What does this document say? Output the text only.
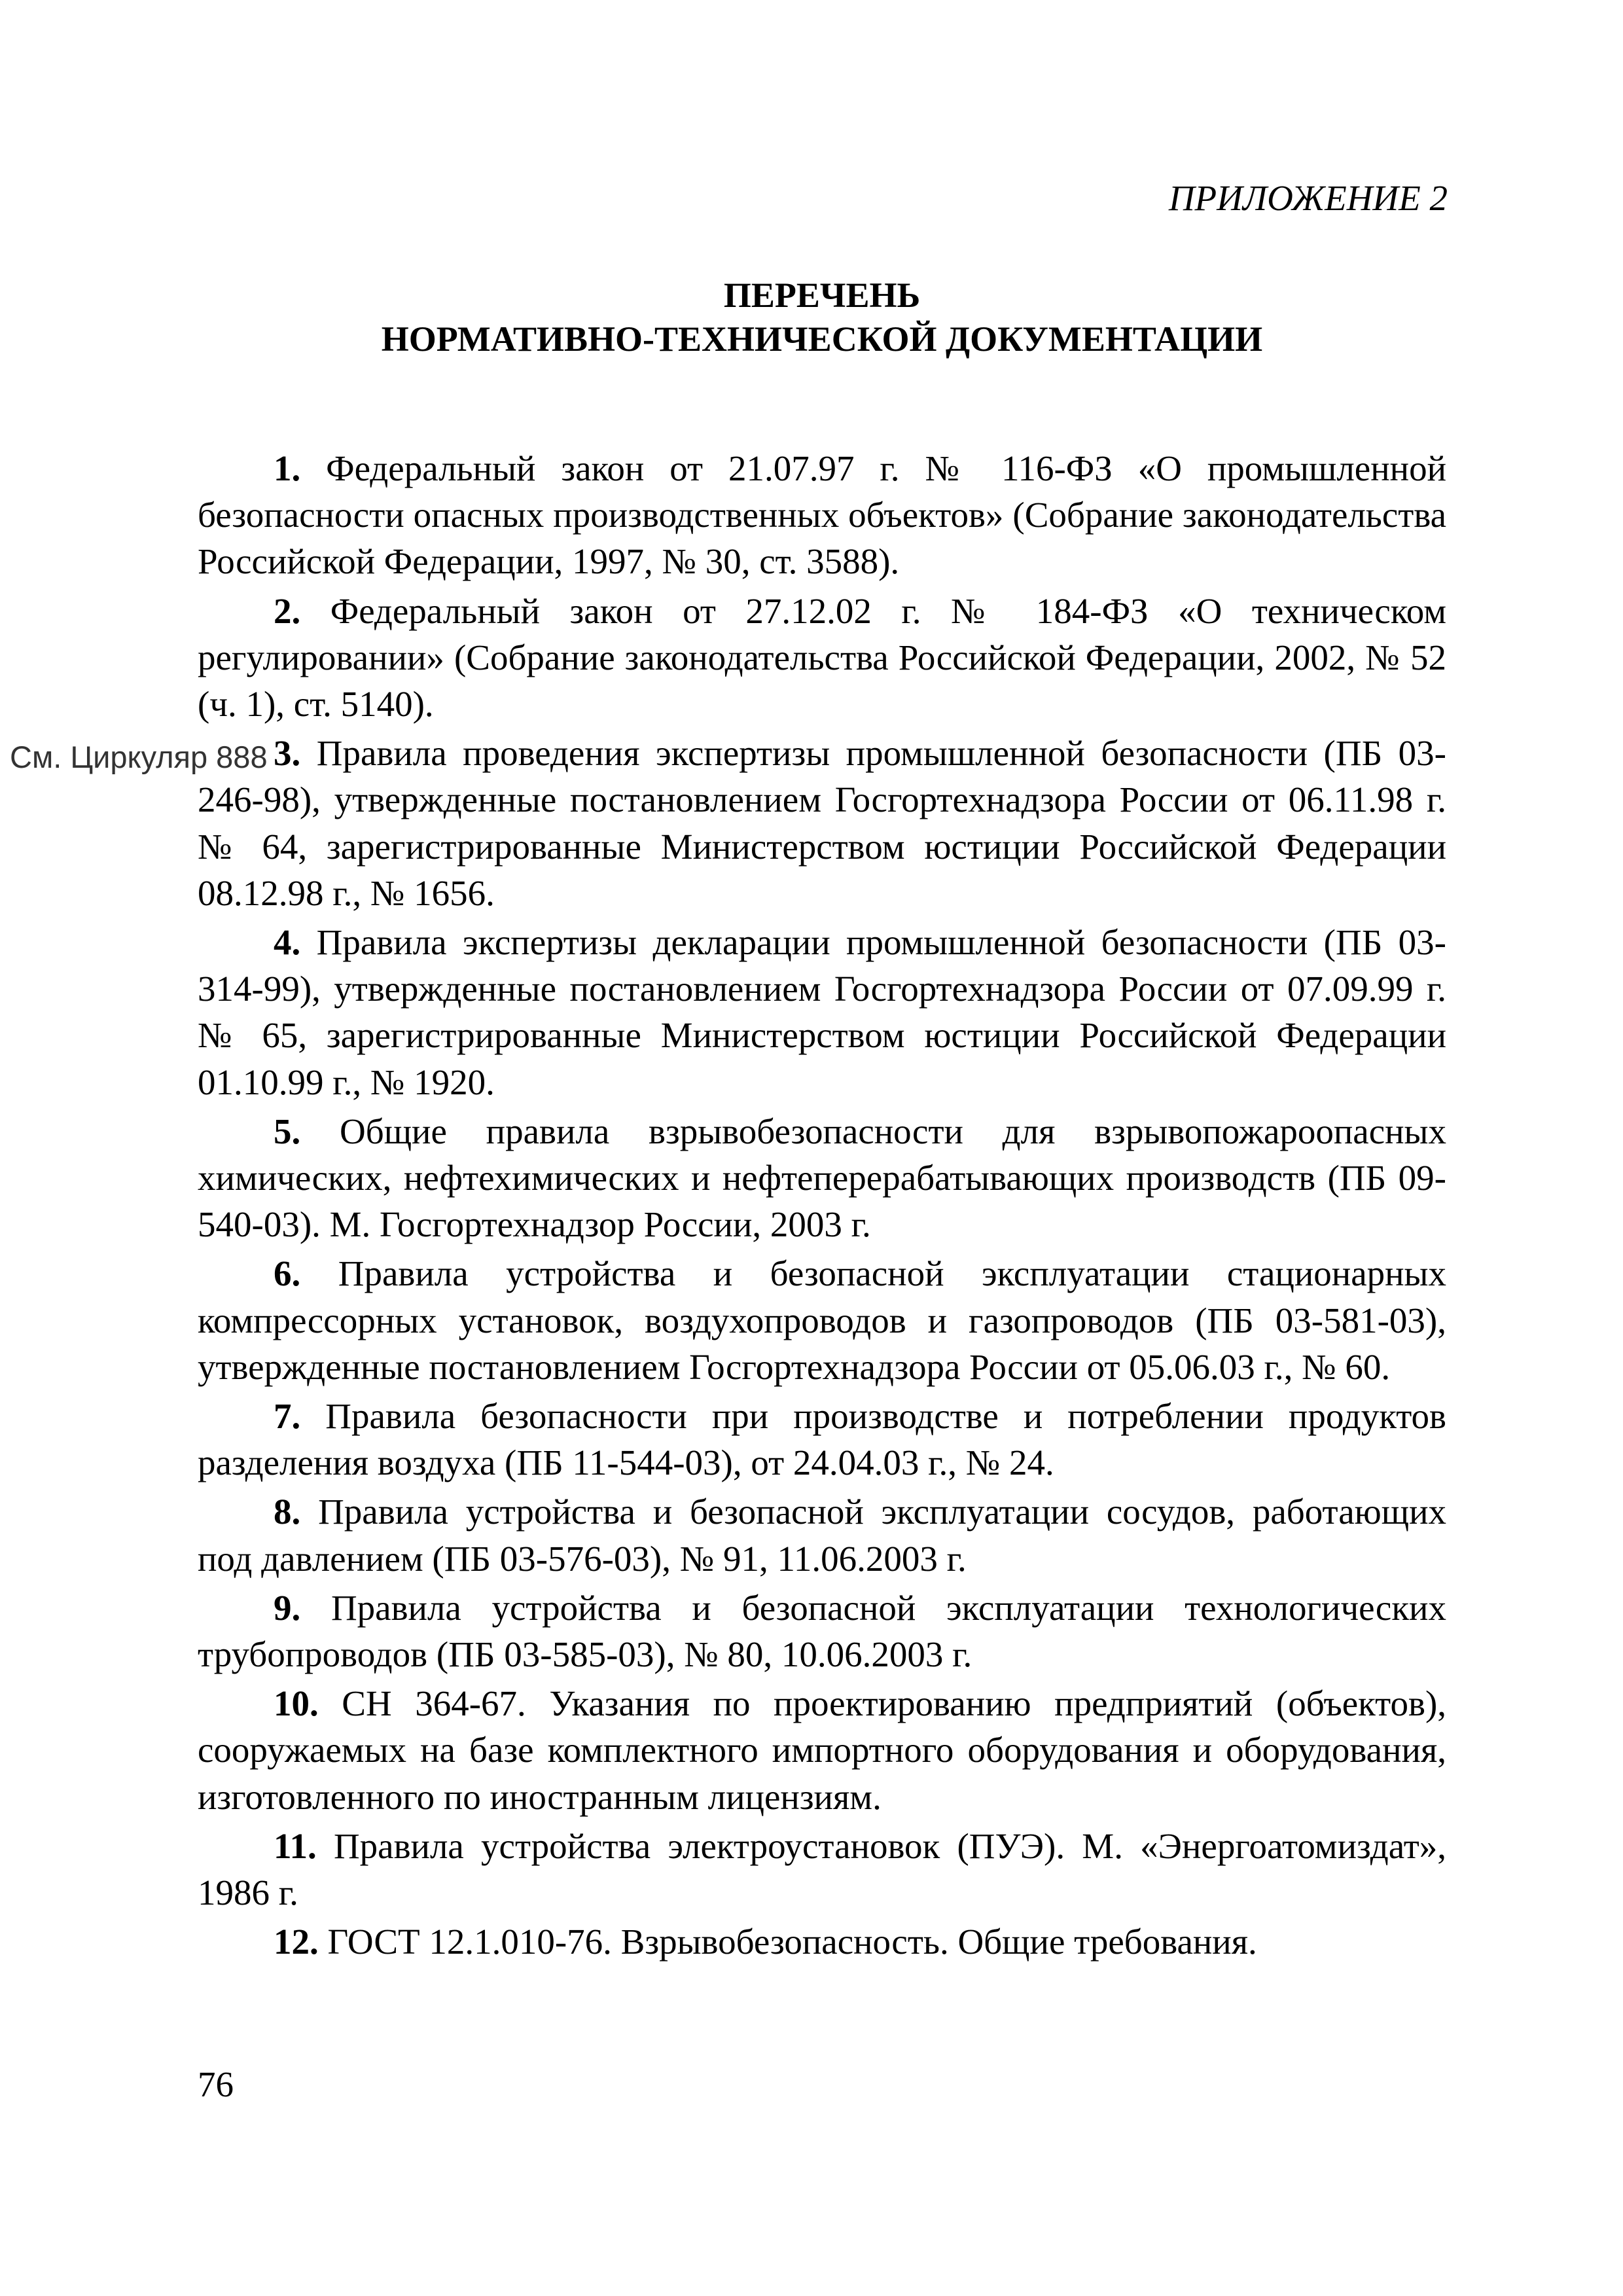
ПРИЛОЖЕНИЕ 2
ПЕРЕЧЕНЬ
НОРМАТИВНО-ТЕХНИЧЕСКОЙ ДОКУМЕНТАЦИИ
См. Циркуляр 888

1. Федеральный закон от 21.07.97 г. № 116-ФЗ «О промышленной безопасности опасных производственных объектов» (Собрание законодательства Российской Федерации, 1997, № 30, ст. 3588).

2. Федеральный закон от 27.12.02 г. № 184-ФЗ «О техническом регулировании» (Собрание законодательства Российской Федерации, 2002, № 52 (ч. 1), ст. 5140).

3. Правила проведения экспертизы промышленной безопасности (ПБ 03-246-98), утвержденные постановлением Госгортехнадзора России от 06.11.98 г. № 64, зарегистрированные Министерством юстиции Российской Федерации 08.12.98 г., № 1656.

4. Правила экспертизы декларации промышленной безопасности (ПБ 03-314-99), утвержденные постановлением Госгортехнадзора России от 07.09.99 г. № 65, зарегистрированные Министерством юстиции Российской Федерации 01.10.99 г., № 1920.

5. Общие правила взрывобезопасности для взрывопожароопасных химических, нефтехимических и нефтеперерабатывающих производств (ПБ 09-540-03). М. Госгортехнадзор России, 2003 г.

6. Правила устройства и безопасной эксплуатации стационарных компрессорных установок, воздухопроводов и газопроводов (ПБ 03-581-03), утвержденные постановлением Госгортехнадзора России от 05.06.03 г., № 60.

7. Правила безопасности при производстве и потреблении продуктов разделения воздуха (ПБ 11-544-03), от 24.04.03 г., № 24.

8. Правила устройства и безопасной эксплуатации сосудов, работающих под давлением (ПБ 03-576-03), № 91, 11.06.2003 г.

9. Правила устройства и безопасной эксплуатации технологических трубопроводов (ПБ 03-585-03), № 80, 10.06.2003 г.

10. СН 364-67. Указания по проектированию предприятий (объектов), сооружаемых на базе комплектного импортного оборудования и оборудования, изготовленного по иностранным лицензиям.

11. Правила устройства электроустановок (ПУЭ). М. «Энергоатомиздат», 1986 г.

12. ГОСТ 12.1.010-76. Взрывобезопасность. Общие требования.

76
